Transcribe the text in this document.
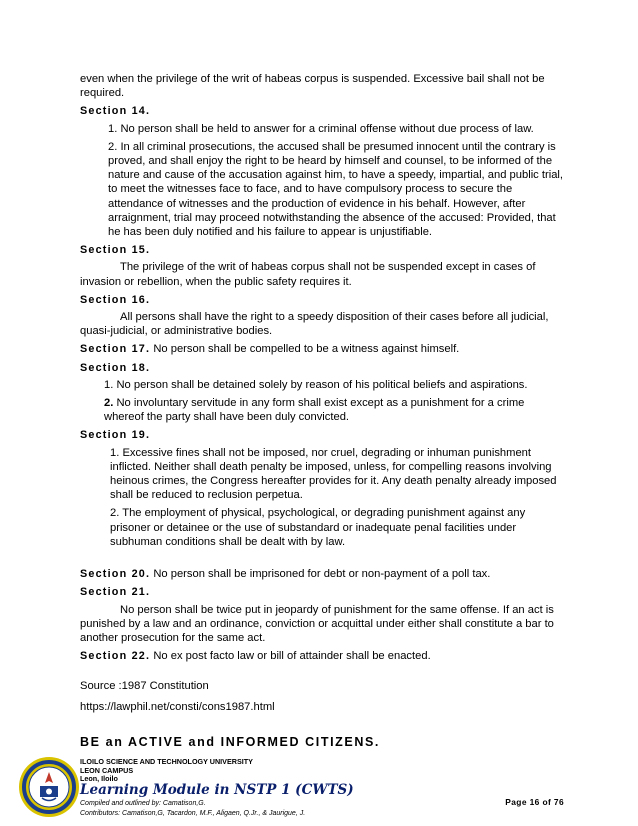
even when the privilege of the writ of habeas corpus is suspended. Excessive bail shall not be required.

Section 14.

1. No person shall be held to answer for a criminal offense without due process of law.

2. In all criminal prosecutions, the accused shall be presumed innocent until the contrary is proved, and shall enjoy the right to be heard by himself and counsel, to be informed of the nature and cause of the accusation against him, to have a speedy, impartial, and public trial, to meet the witnesses face to face, and to have compulsory process to secure the attendance of witnesses and the production of evidence in his behalf. However, after arraignment, trial may proceed notwithstanding the absence of the accused: Provided, that he has been duly notified and his failure to appear is unjustifiable.

Section 15.

The privilege of the writ of habeas corpus shall not be suspended except in cases of invasion or rebellion, when the public safety requires it.

Section 16.

All persons shall have the right to a speedy disposition of their cases before all judicial, quasi-judicial, or administrative bodies.

Section 17. No person shall be compelled to be a witness against himself.

Section 18.

1. No person shall be detained solely by reason of his political beliefs and aspirations.

2. No involuntary servitude in any form shall exist except as a punishment for a crime whereof the party shall have been duly convicted.

Section 19.

1. Excessive fines shall not be imposed, nor cruel, degrading or inhuman punishment inflicted. Neither shall death penalty be imposed, unless, for compelling reasons involving heinous crimes, the Congress hereafter provides for it. Any death penalty already imposed shall be reduced to reclusion perpetua.

2. The employment of physical, psychological, or degrading punishment against any prisoner or detainee or the use of substandard or inadequate penal facilities under subhuman conditions shall be dealt with by law.

Section 20. No person shall be imprisoned for debt or non-payment of a poll tax.

Section 21.

No person shall be twice put in jeopardy of punishment for the same offense. If an act is punished by a law and an ordinance, conviction or acquittal under either shall constitute a bar to another prosecution for the same act.

Section 22. No ex post facto law or bill of attainder shall be enacted.

Source :1987 Constitution
https://lawphil.net/consti/cons1987.html
BE an ACTIVE and INFORMED CITIZENS.
ILOILO SCIENCE AND TECHNOLOGY UNIVERSITY
LEON CAMPUS
Leon, Iloilo
Learning Module in NSTP 1 (CWTS)
Compiled and outlined by: Camatison,G.
Contributors: Camatison,G, Tacardon, M.F., Aligaen, Q.Jr., & Jaurigue, J.
Page 16 of 76
